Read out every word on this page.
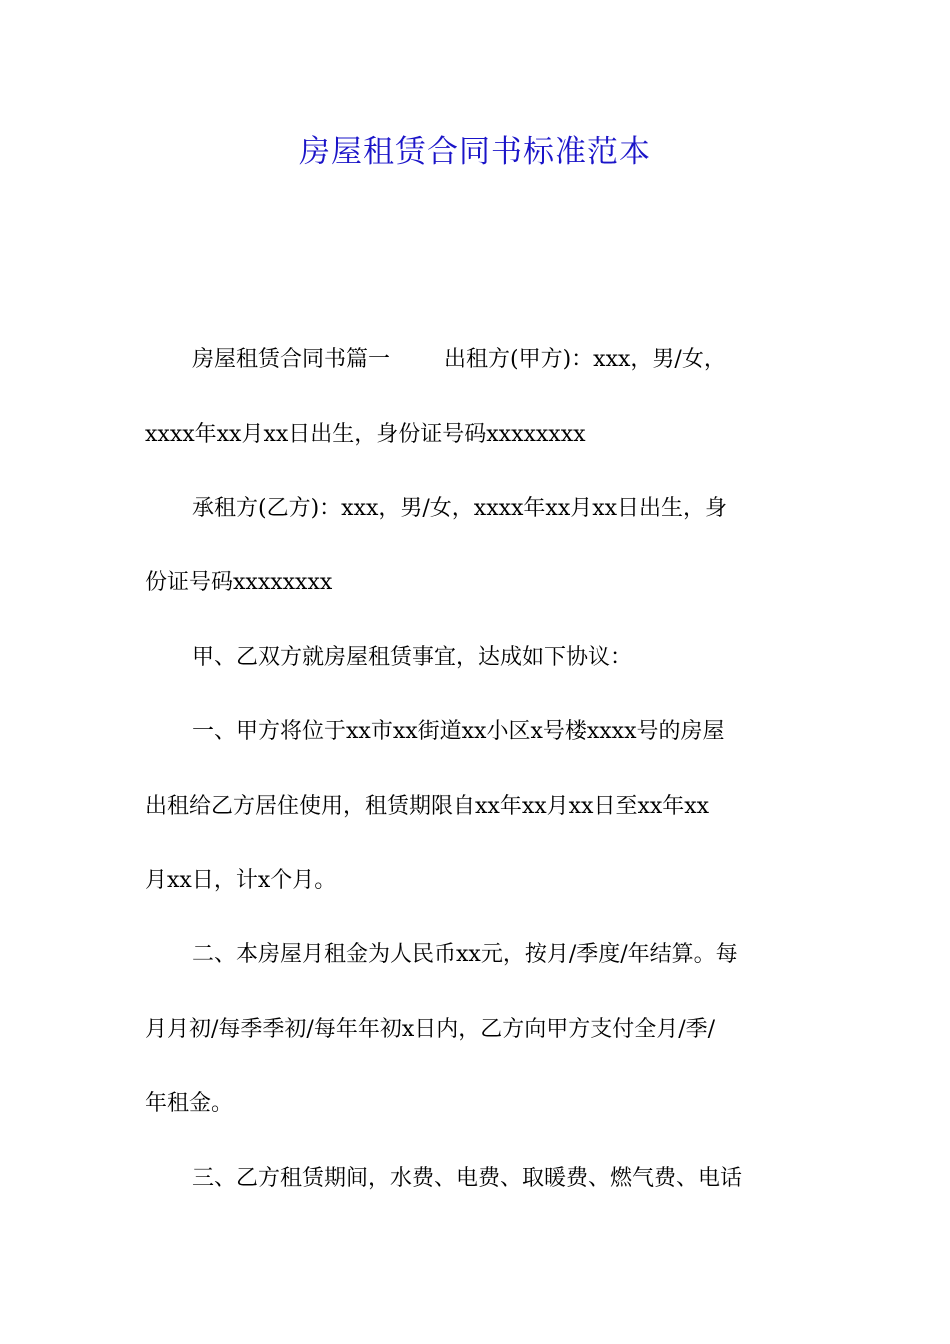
房屋租赁合同书标准范本
房屋租赁合同书篇一 出租方(甲方)：xxx，男/女，
xxxx年xx月xx日出生，身份证号码xxxxxxxx
承租方(乙方)：xxx，男/女，xxxx年xx月xx日出生，身
份证号码xxxxxxxx
甲、乙双方就房屋租赁事宜，达成如下协议：
一、甲方将位于xx市xx街道xx小区x号楼xxxx号的房屋
出租给乙方居住使用，租赁期限自xx年xx月xx日至xx年xx
月xx日，计x个月。
二、本房屋月租金为人民币xx元，按月/季度/年结算。每
月月初/每季季初/每年年初x日内，乙方向甲方支付全月/季/
年租金。
三、乙方租赁期间，水费、电费、取暖费、燃气费、电话
